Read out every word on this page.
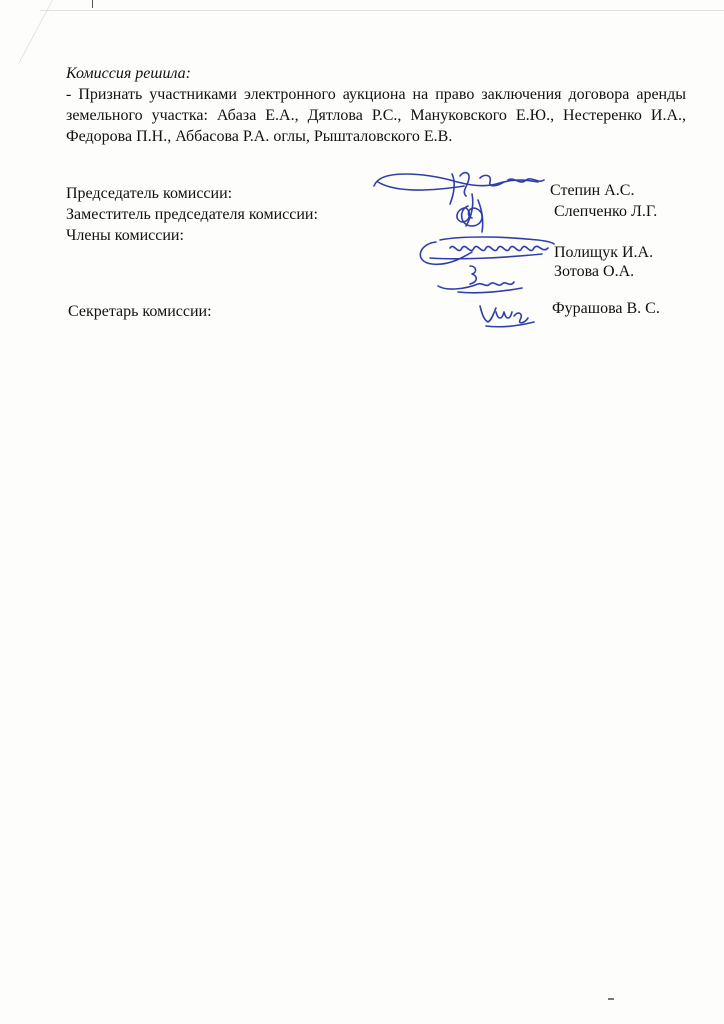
Комиссия решила:
- Признать участниками электронного аукциона на право заключения договора аренды земельного участка: Абаза Е.А., Дятлова Р.С., Мануковского Е.Ю., Нестеренко И.А., Федорова П.Н., Аббасова Р.А. оглы, Рышталовского Е.В.
Председатель комиссии:	Степин А.С.
Заместитель председателя комиссии:	Слепченко Л.Г.
Члены комиссии:
Полищук И.А.
Зотова О.А.
Секретарь комиссии:	Фурашова В. С.
